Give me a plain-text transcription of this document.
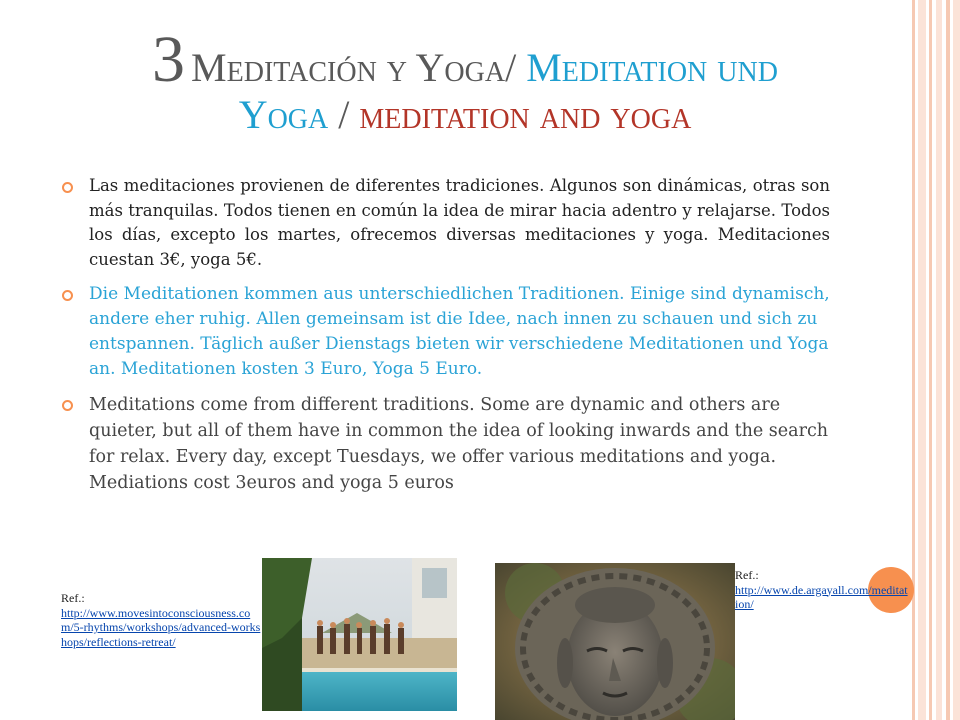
3 Meditación y Yoga/ Meditation und
Yoga / meditation and yoga
Las meditaciones provienen de diferentes tradiciones. Algunos son dinámicas, otras son más tranquilas. Todos tienen en común la idea de mirar hacia adentro y relajarse. Todos los días, excepto los martes, ofrecemos diversas meditaciones y yoga. Meditaciones cuestan 3€, yoga 5€.
Die Meditationen kommen aus unterschiedlichen Traditionen. Einige sind dynamisch, andere eher ruhig. Allen gemeinsam ist die Idee, nach innen zu schauen und sich zu entspannen. Täglich außer Dienstags bieten wir verschiedene Meditationen und Yoga an. Meditationen kosten 3 Euro, Yoga 5 Euro.
Meditations come from different traditions. Some are dynamic and others are quieter, but all of them have in common the idea of looking inwards and the search for relax. Every day, except Tuesdays, we offer various meditations and yoga. Mediations cost 3euros and yoga 5 euros
Ref.:
http://www.movesintoconsciousness.com/5-rhythms/workshops/advanced-workshops/reflections-retreat/
Ref.:
http://www.de.argayall.com/meditation/
